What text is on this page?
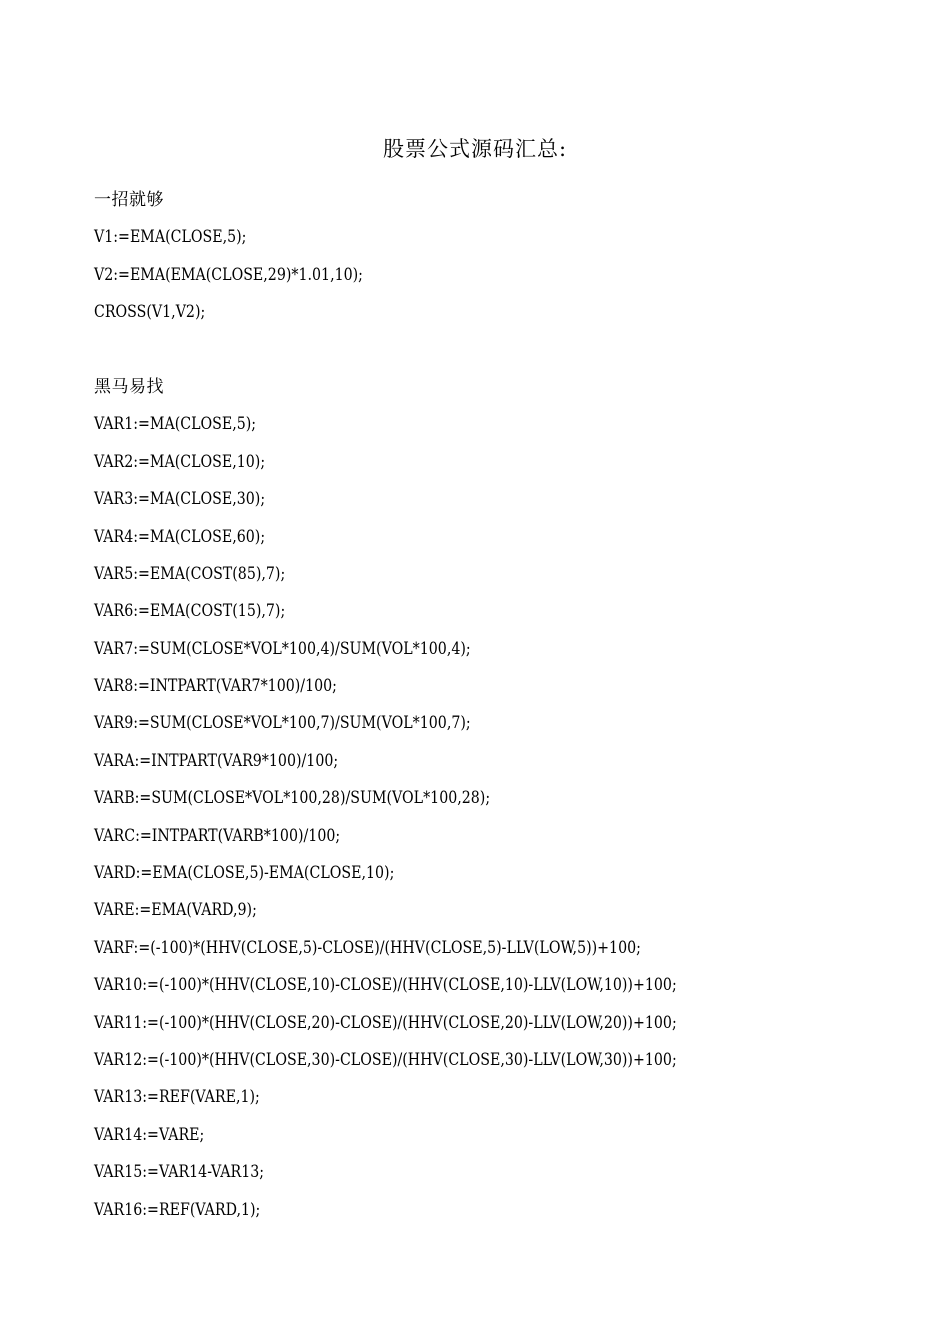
股票公式源码汇总:
一招就够
V1:=EMA(CLOSE,5);
V2:=EMA(EMA(CLOSE,29)*1.01,10);
CROSS(V1,V2);
黑马易找
VAR1:=MA(CLOSE,5);
VAR2:=MA(CLOSE,10);
VAR3:=MA(CLOSE,30);
VAR4:=MA(CLOSE,60);
VAR5:=EMA(COST(85),7);
VAR6:=EMA(COST(15),7);
VAR7:=SUM(CLOSE*VOL*100,4)/SUM(VOL*100,4);
VAR8:=INTPART(VAR7*100)/100;
VAR9:=SUM(CLOSE*VOL*100,7)/SUM(VOL*100,7);
VARA:=INTPART(VAR9*100)/100;
VARB:=SUM(CLOSE*VOL*100,28)/SUM(VOL*100,28);
VARC:=INTPART(VARB*100)/100;
VARD:=EMA(CLOSE,5)-EMA(CLOSE,10);
VARE:=EMA(VARD,9);
VARF:=(-100)*(HHV(CLOSE,5)-CLOSE)/(HHV(CLOSE,5)-LLV(LOW,5))+100;
VAR10:=(-100)*(HHV(CLOSE,10)-CLOSE)/(HHV(CLOSE,10)-LLV(LOW,10))+100;
VAR11:=(-100)*(HHV(CLOSE,20)-CLOSE)/(HHV(CLOSE,20)-LLV(LOW,20))+100;
VAR12:=(-100)*(HHV(CLOSE,30)-CLOSE)/(HHV(CLOSE,30)-LLV(LOW,30))+100;
VAR13:=REF(VARE,1);
VAR14:=VARE;
VAR15:=VAR14-VAR13;
VAR16:=REF(VARD,1);
